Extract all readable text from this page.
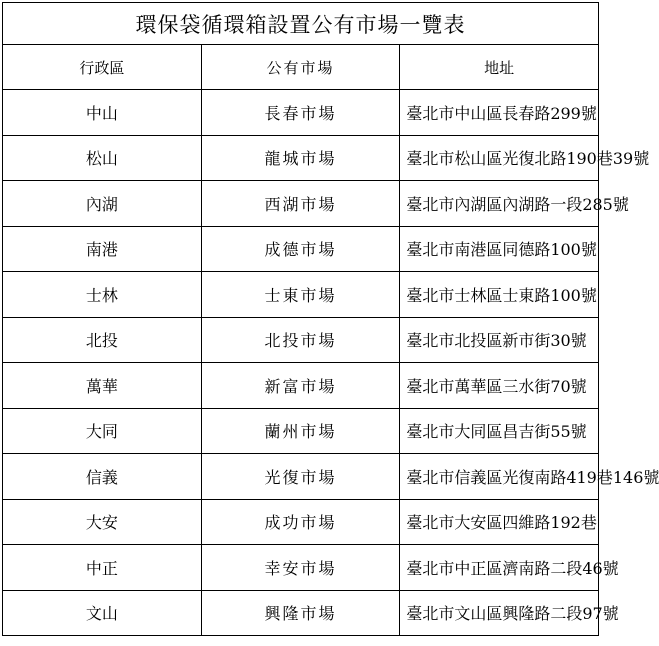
環保袋循環箱設置公有市場一覽表		
行政區	公有市場	地址
中山	長春市場	臺北市中山區長春路299號
松山	龍城市場	臺北市松山區光復北路190巷39號
內湖	西湖市場	臺北市內湖區內湖路一段285號
南港	成德市場	臺北市南港區同德路100號
士林	士東市場	臺北市士林區士東路100號
北投	北投市場	臺北市北投區新市街30號
萬華	新富市場	臺北市萬華區三水街70號
大同	蘭州市場	臺北市大同區昌吉街55號
信義	光復市場	臺北市信義區光復南路419巷146號
大安	成功市場	臺北市大安區四維路192巷
中正	幸安市場	臺北市中正區濟南路二段46號
文山	興隆市場	臺北市文山區興隆路二段97號
